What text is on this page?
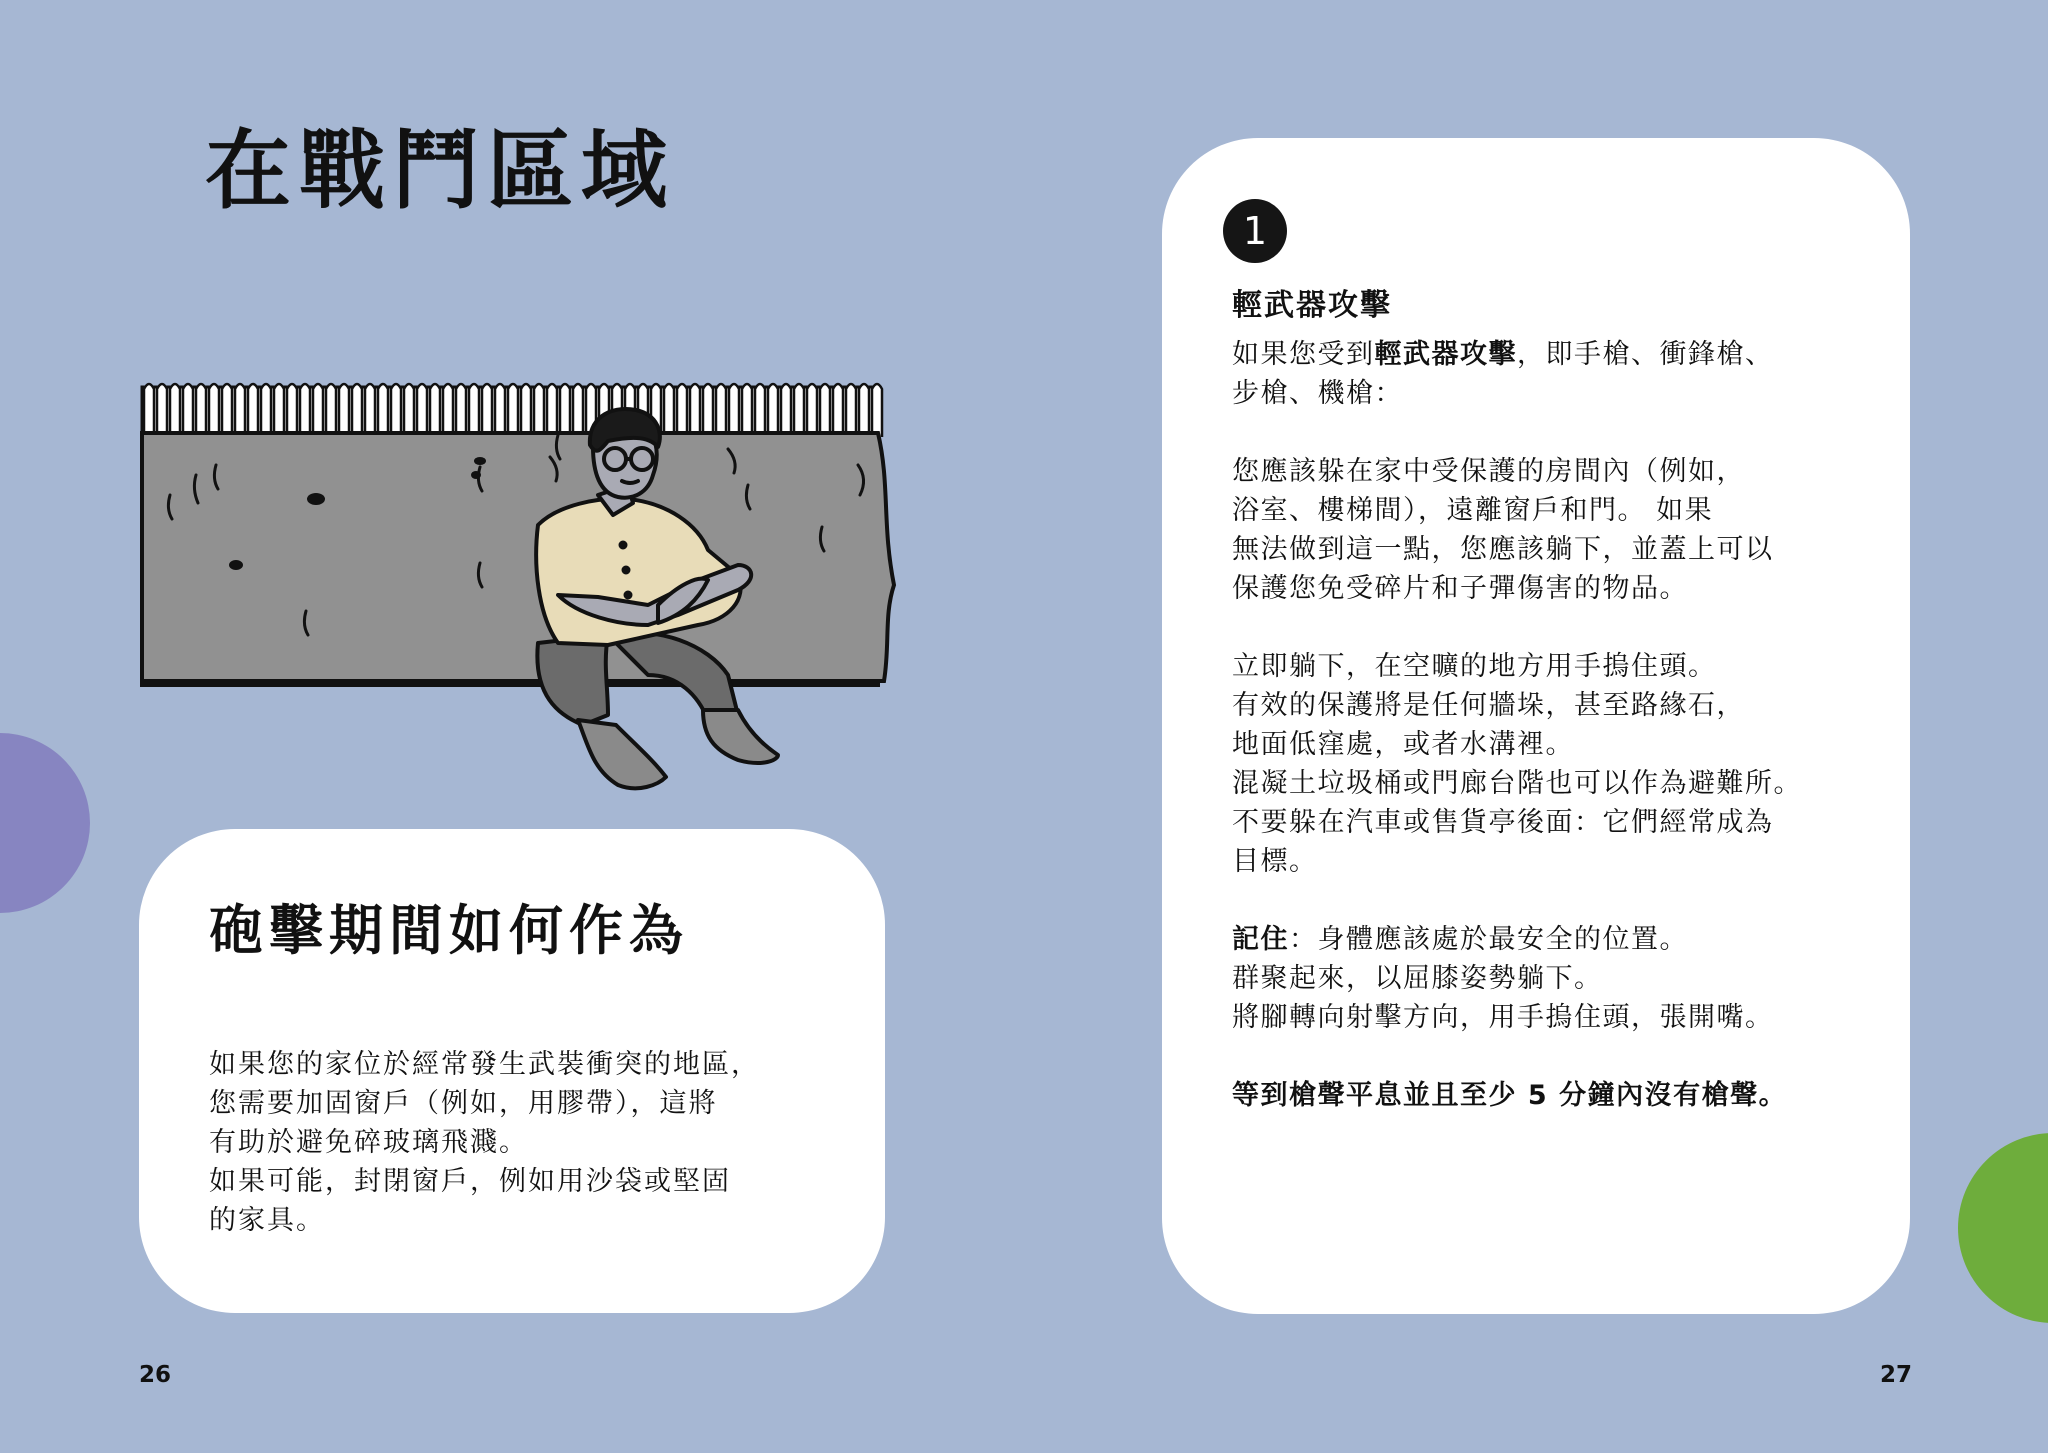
在戰鬥區域
砲擊期間如何作為
如果您的家位於經常發生武裝衝突的地區，
您需要加固窗戶（例如，用膠帶），這將
有助於避免碎玻璃飛濺。
如果可能，封閉窗戶，例如用沙袋或堅固
的家具。
1
輕武器攻擊
如果您受到輕武器攻擊，即手槍、衝鋒槍、
步槍、機槍：
您應該躲在家中受保護的房間內（例如，
浴室、樓梯間），遠離窗戶和門。 如果
無法做到這一點，您應該躺下，並蓋上可以
保護您免受碎片和子彈傷害的物品。
立即躺下，在空曠的地方用手摀住頭。
有效的保護將是任何牆垛，甚至路緣石，
地面低窪處，或者水溝裡。
混凝土垃圾桶或門廊台階也可以作為避難所。
不要躲在汽車或售貨亭後面：它們經常成為
目標。
記住：身體應該處於最安全的位置。
群聚起來，以屈膝姿勢躺下。
將腳轉向射擊方向，用手摀住頭，張開嘴。
等到槍聲平息並且至少 5 分鐘內沒有槍聲。
26	27
